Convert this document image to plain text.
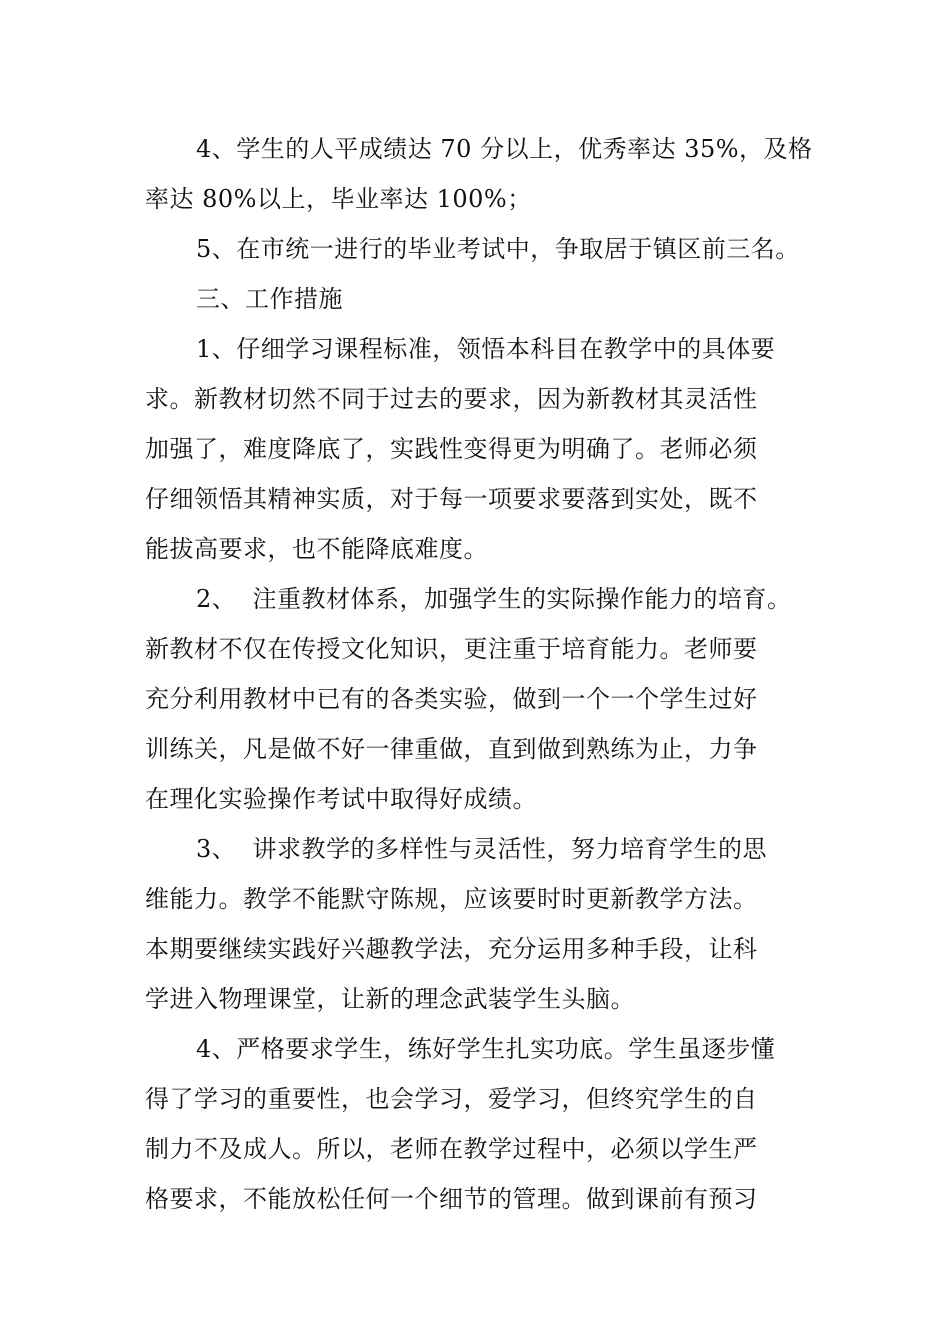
4、学生的人平成绩达 70 分以上，优秀率达 35%，及格

率达 80%以上，毕业率达 100%；

5、在市统一进行的毕业考试中，争取居于镇区前三名。

三、工作措施

1、仔细学习课程标准，领悟本科目在教学中的具体要

求。新教材切然不同于过去的要求，因为新教材其灵活性

加强了，难度降底了，实践性变得更为明确了。老师必须

仔细领悟其精神实质，对于每一项要求要落到实处，既不

能拔高要求，也不能降底难度。

2、  注重教材体系，加强学生的实际操作能力的培育。

新教材不仅在传授文化知识，更注重于培育能力。老师要

充分利用教材中已有的各类实验，做到一个一个学生过好

训练关，凡是做不好一律重做，直到做到熟练为止，力争

在理化实验操作考试中取得好成绩。

3、  讲求教学的多样性与灵活性，努力培育学生的思

维能力。教学不能默守陈规，应该要时时更新教学方法。

本期要继续实践好兴趣教学法，充分运用多种手段，让科

学进入物理课堂，让新的理念武装学生头脑。

4、严格要求学生，练好学生扎实功底。学生虽逐步懂

得了学习的重要性，也会学习，爱学习，但终究学生的自

制力不及成人。所以，老师在教学过程中，必须以学生严

格要求，不能放松任何一个细节的管理。做到课前有预习
